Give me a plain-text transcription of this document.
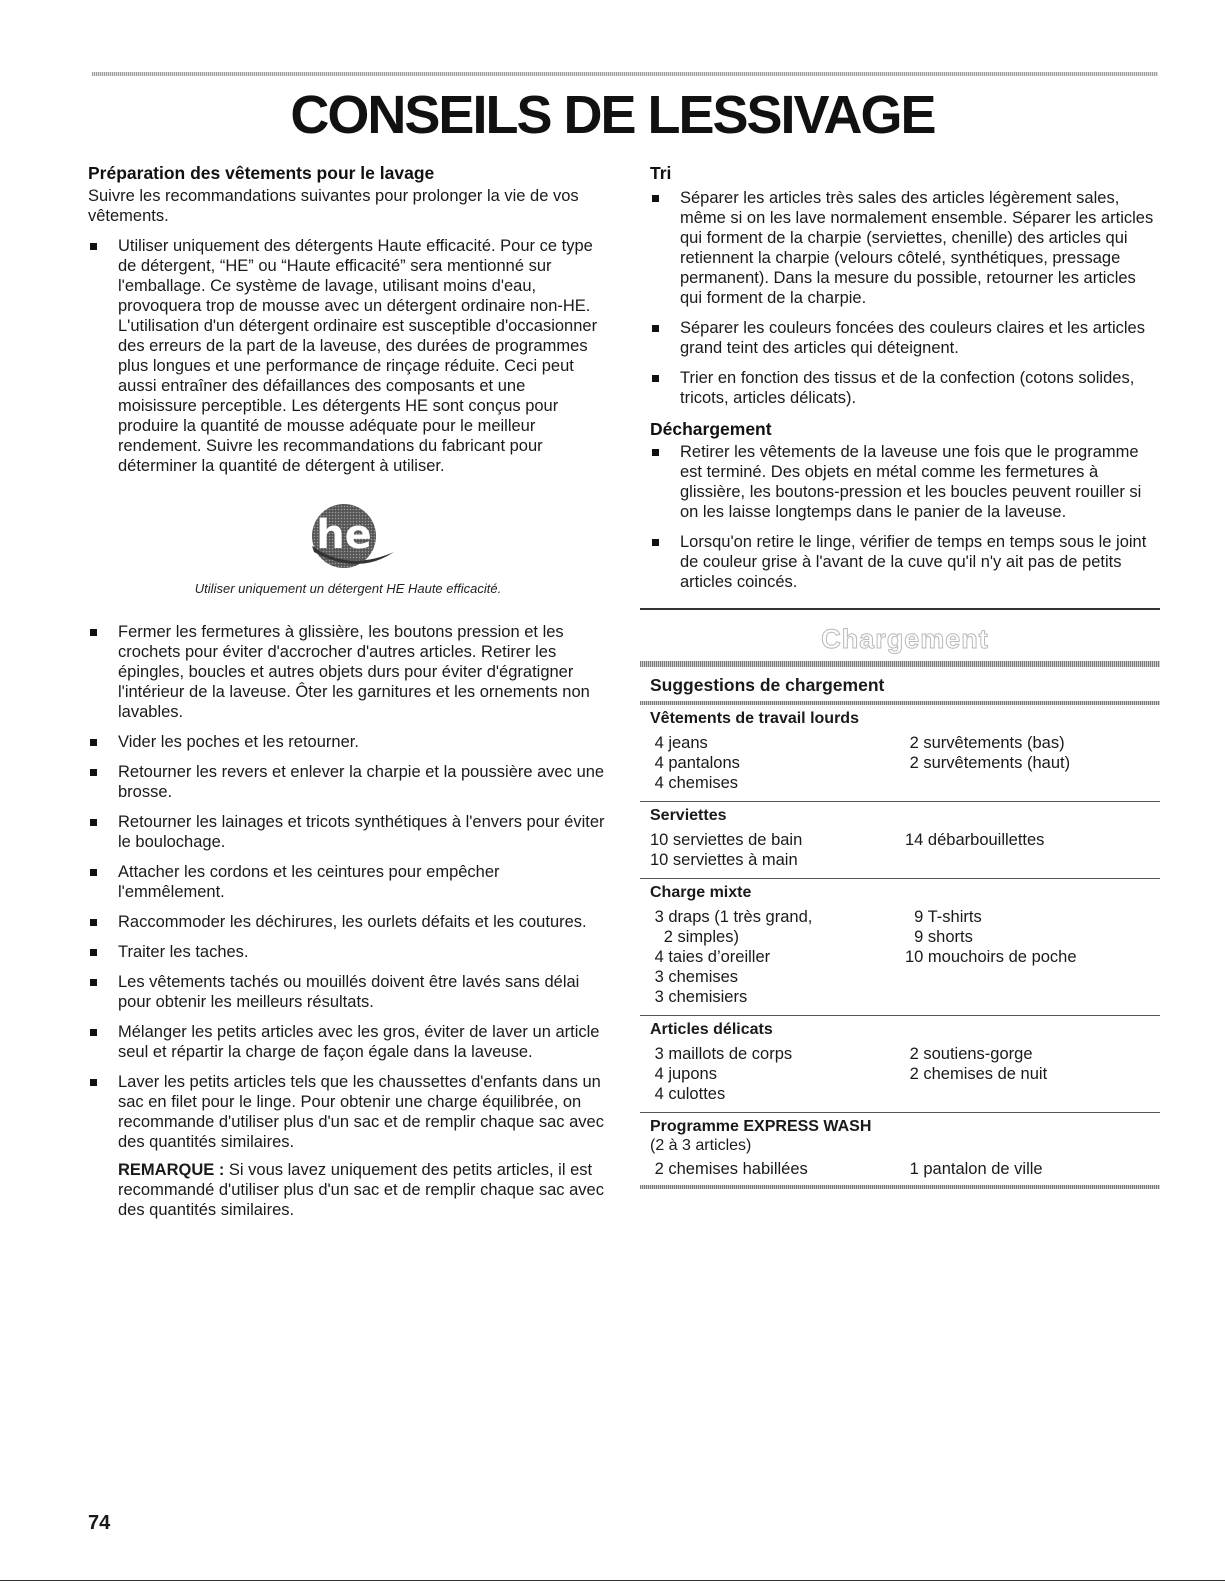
CONSEILS DE LESSIVAGE
Préparation des vêtements pour le lavage

Suivre les recommandations suivantes pour prolonger la vie de vos vêtements.

Utiliser uniquement des détergents Haute efficacité. Pour ce type de détergent, “HE” ou “Haute efficacité” sera mentionné sur l'emballage. Ce système de lavage, utilisant moins d'eau, provoquera trop de mousse avec un détergent ordinaire non-HE. L'utilisation d'un détergent ordinaire est susceptible d'occasionner des erreurs de la part de la laveuse, des durées de programmes plus longues et une performance de rinçage réduite. Ceci peut aussi entraîner des défaillances des composants et une moisissure perceptible. Les détergents HE sont conçus pour produire la quantité de mousse adéquate pour le meilleur rendement. Suivre les recommandations du fabricant pour déterminer la quantité de détergent à utiliser.
he
Utiliser uniquement un détergent HE Haute efficacité.
Fermer les fermetures à glissière, les boutons pression et les crochets pour éviter d'accrocher d'autres articles. Retirer les épingles, boucles et autres objets durs pour éviter d'égratigner l'intérieur de la laveuse. Ôter les garnitures et les ornements non lavables.
Vider les poches et les retourner.
Retourner les revers et enlever la charpie et la poussière avec une brosse.
Retourner les lainages et tricots synthétiques à l'envers pour éviter le boulochage.
Attacher les cordons et les ceintures pour empêcher l'emmêlement.
Raccommoder les déchirures, les ourlets défaits et les coutures.
Traiter les taches.
Les vêtements tachés ou mouillés doivent être lavés sans délai pour obtenir les meilleurs résultats.
Mélanger les petits articles avec les gros, éviter de laver un article seul et répartir la charge de façon égale dans la laveuse.
Laver les petits articles tels que les chaussettes d'enfants dans un sac en filet pour le linge. Pour obtenir une charge équilibrée, on recommande d'utiliser plus d'un sac et de remplir chaque sac avec des quantités similaires.
REMARQUE : Si vous lavez uniquement des petits articles, il est recommandé d'utiliser plus d'un sac et de remplir chaque sac avec des quantités similaires.
Tri
Séparer les articles très sales des articles légèrement sales, même si on les lave normalement ensemble. Séparer les articles qui forment de la charpie (serviettes, chenille) des articles qui retiennent la charpie (velours côtelé, synthétiques, pressage permanent). Dans la mesure du possible, retourner les articles qui forment de la charpie.
Séparer les couleurs foncées des couleurs claires et les articles grand teint des articles qui déteignent.
Trier en fonction des tissus et de la confection (cotons solides, tricots, articles délicats).
Déchargement
Retirer les vêtements de la laveuse une fois que le programme est terminé. Des objets en métal comme les fermetures à glissière, les boutons-pression et les boucles peuvent rouiller si on les laisse longtemps dans le panier de la laveuse.
Lorsqu'on retire le linge, vérifier de temps en temps sous le joint de couleur grise à l'avant de la cuve qu'il n'y ait pas de petits articles coincés.
Chargement
Suggestions de chargement
Vêtements de travail lourds
4 jeans
4 pantalons
4 chemises
2 survêtements (bas)
2 survêtements (haut)
Serviettes
10 serviettes de bain
10 serviettes à main
14 débarbouillettes
Charge mixte
3 draps (1 très grand,
2 simples)
4 taies d’oreiller
3 chemises
3 chemisiers
9 T-shirts
9 shorts
10 mouchoirs de poche
Articles délicats
3 maillots de corps
4 jupons
4 culottes
2 soutiens-gorge
2 chemises de nuit
Programme EXPRESS WASH
(2 à 3 articles)
2 chemises habillées	1 pantalon de ville
74
